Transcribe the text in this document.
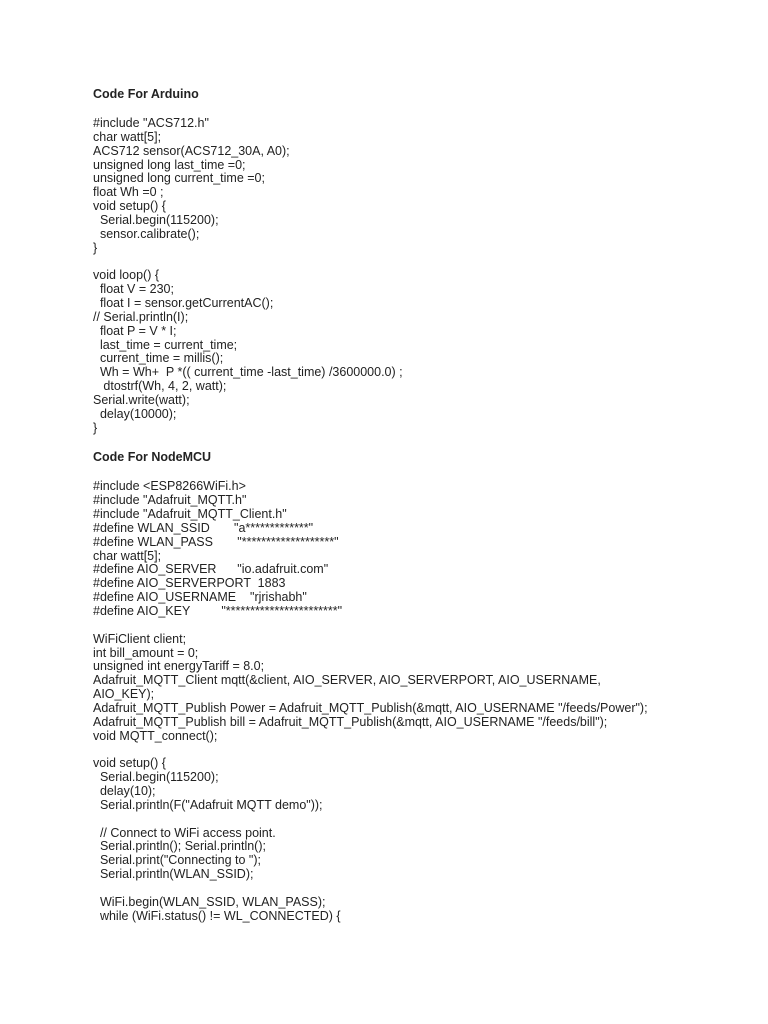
Code For Arduino
#include "ACS712.h"
char watt[5];
ACS712 sensor(ACS712_30A, A0);
unsigned long last_time =0;
unsigned long current_time =0;
float Wh =0 ;
void setup() {
Serial.begin(115200);
sensor.calibrate();
}
void loop() {
float V = 230;
float I = sensor.getCurrentAC();
// Serial.println(I);
float P = V * I;
last_time = current_time;
current_time = millis();
Wh = Wh+  P *(( current_time -last_time) /3600000.0) ;
dtostrf(Wh, 4, 2, watt);
Serial.write(watt);
delay(10000);
}
Code For NodeMCU
#include <ESP8266WiFi.h>
#include "Adafruit_MQTT.h"
#include "Adafruit_MQTT_Client.h"
#define WLAN_SSID       "a*************"
#define WLAN_PASS       "*******************"
char watt[5];
#define AIO_SERVER      "io.adafruit.com"
#define AIO_SERVERPORT  1883
#define AIO_USERNAME    "rjrishabh"
#define AIO_KEY         "***********************"
WiFiClient client;
int bill_amount = 0;
unsigned int energyTariff = 8.0;
Adafruit_MQTT_Client mqtt(&client, AIO_SERVER, AIO_SERVERPORT, AIO_USERNAME,
AIO_KEY);
Adafruit_MQTT_Publish Power = Adafruit_MQTT_Publish(&mqtt, AIO_USERNAME "/feeds/Power");
Adafruit_MQTT_Publish bill = Adafruit_MQTT_Publish(&mqtt, AIO_USERNAME "/feeds/bill");
void MQTT_connect();
void setup() {
Serial.begin(115200);
delay(10);
Serial.println(F("Adafruit MQTT demo"));
// Connect to WiFi access point.
Serial.println(); Serial.println();
Serial.print("Connecting to ");
Serial.println(WLAN_SSID);
WiFi.begin(WLAN_SSID, WLAN_PASS);
while (WiFi.status() != WL_CONNECTED) {
